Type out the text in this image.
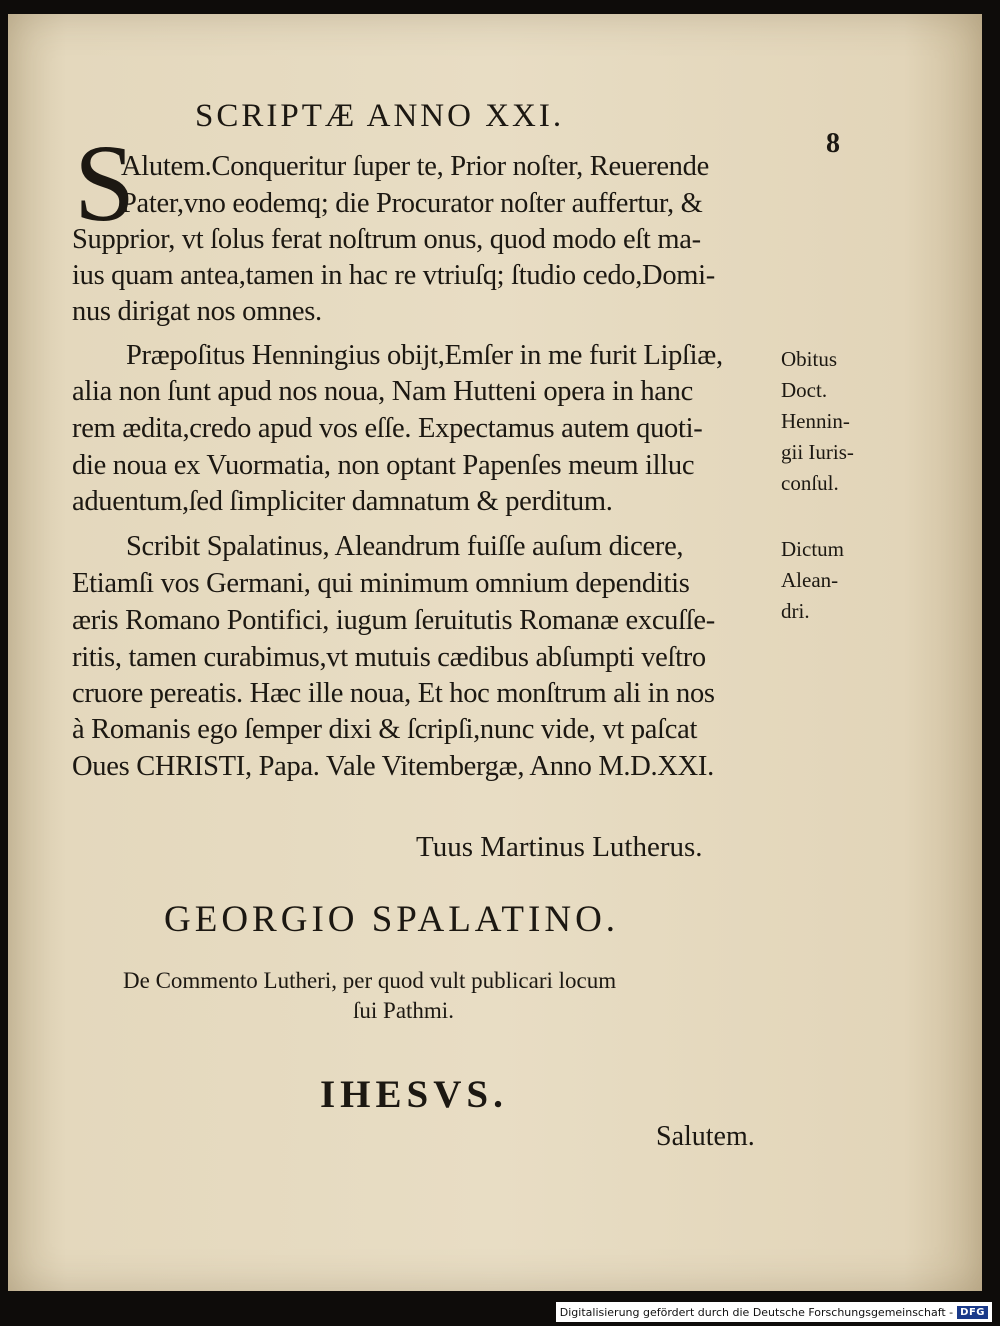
SCRIPTÆ ANNO XXI.
8
S
Alutem.Conqueritur ſuper te, Prior noſter, Reuerende
Pater,vno eodemq; die Procurator noſter auffertur, &
Supprior, vt ſolus ferat noſtrum onus, quod modo eſt ma-
ius quam antea,tamen in hac re vtriuſq; ſtudio cedo,Domi-
nus dirigat nos omnes.
Præpoſitus Henningius obijt,Emſer in me furit Lipſiæ,
alia non ſunt apud nos noua, Nam Hutteni opera in hanc
rem ædita,credo apud vos eſſe. Expectamus autem quoti-
die noua ex Vuormatia, non optant Papenſes meum illuc
aduentum,ſed ſimpliciter damnatum & perditum.
Scribit Spalatinus, Aleandrum fuiſſe auſum dicere,
Etiamſi vos Germani, qui minimum omnium dependitis
æris Romano Pontifici, iugum ſeruitutis Romanæ excuſſe-
ritis, tamen curabimus,vt mutuis cædibus abſumpti veſtro
cruore pereatis. Hæc ille noua, Et hoc monſtrum ali in nos
à Romanis ego ſemper dixi & ſcripſi,nunc vide, vt paſcat
Oues CHRISTI, Papa. Vale Vitembergæ, Anno M.D.XXI.
Obitus
Doct.
Hennin-
gii Iuris-
conſul.
Dictum
Alean-
dri.
Tuus Martinus Lutherus.
GEORGIO SPALATINO.
De Commento Lutheri, per quod vult publicari locum
ſui Pathmi.
IHESVS.
Salutem.
Digitalisierung gefördert durch die Deutsche Forschungsgemeinschaft - DFG
